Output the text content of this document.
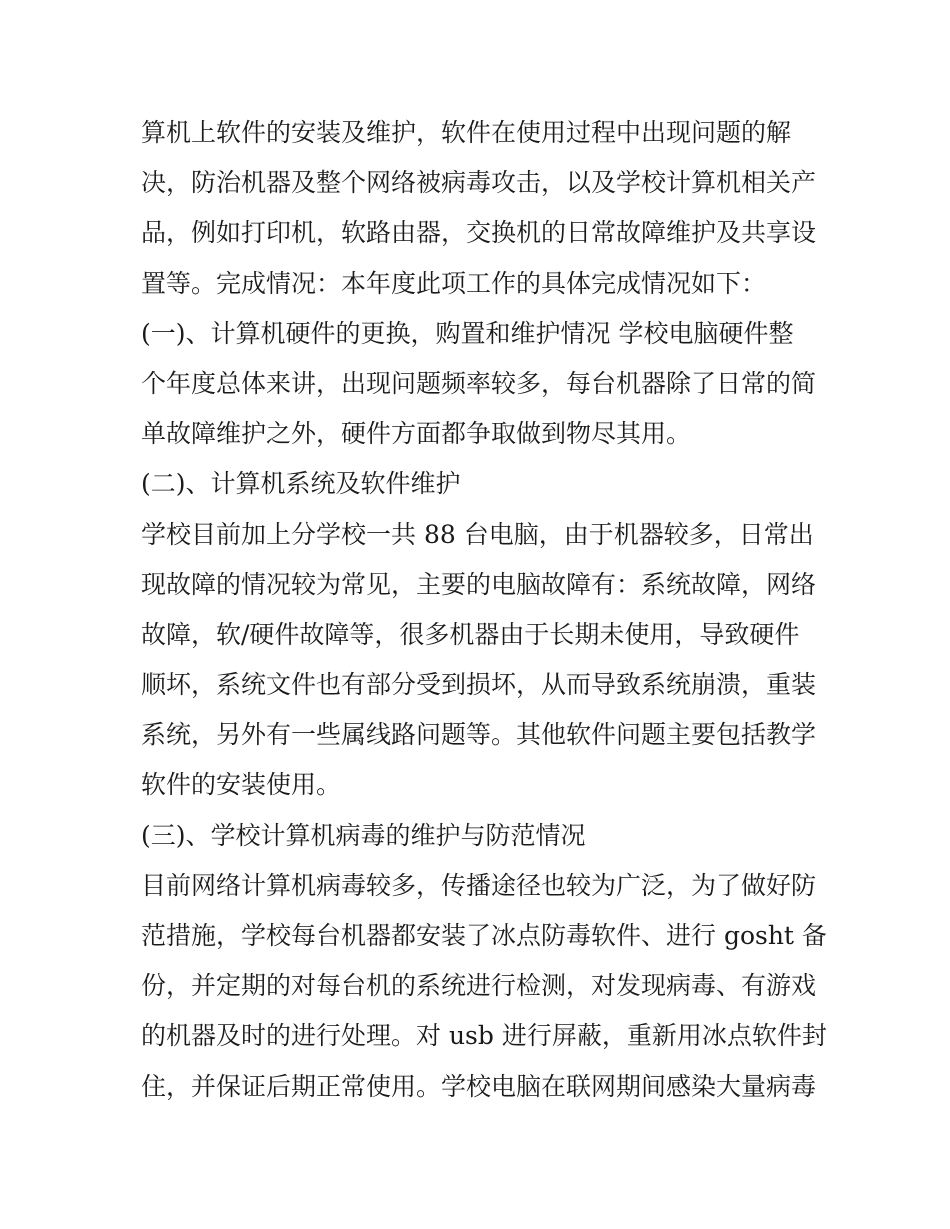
算机上软件的安装及维护，软件在使用过程中出现问题的解
决，防治机器及整个网络被病毒攻击，以及学校计算机相关产
品，例如打印机，软路由器，交换机的日常故障维护及共享设
置等。完成情况：本年度此项工作的具体完成情况如下：
(一)、计算机硬件的更换，购置和维护情况 学校电脑硬件整
个年度总体来讲，出现问题频率较多，每台机器除了日常的简
单故障维护之外，硬件方面都争取做到物尽其用。
(二)、计算机系统及软件维护
学校目前加上分学校一共 88 台电脑，由于机器较多，日常出
现故障的情况较为常见，主要的电脑故障有：系统故障，网络
故障，软/硬件故障等，很多机器由于长期未使用，导致硬件
顺坏，系统文件也有部分受到损坏，从而导致系统崩溃，重装
系统，另外有一些属线路问题等。其他软件问题主要包括教学
软件的安装使用。
(三)、学校计算机病毒的维护与防范情况
目前网络计算机病毒较多，传播途径也较为广泛，为了做好防
范措施，学校每台机器都安装了冰点防毒软件、进行 gosht 备
份，并定期的对每台机的系统进行检测，对发现病毒、有游戏
的机器及时的进行处理。对 usb 进行屏蔽，重新用冰点软件封
住，并保证后期正常使用。学校电脑在联网期间感染大量病毒
